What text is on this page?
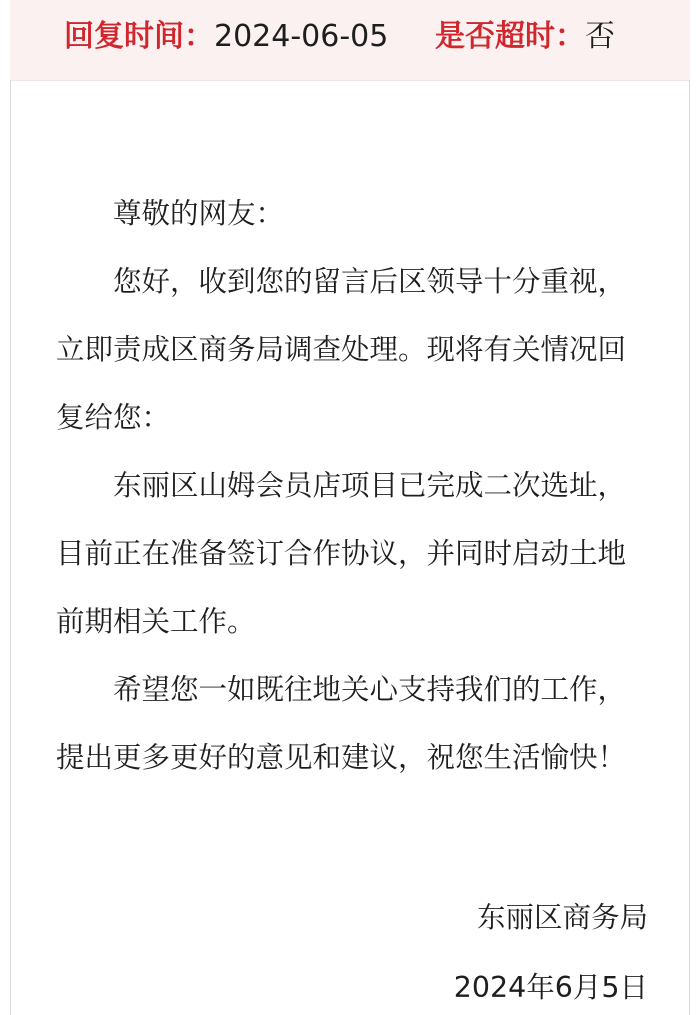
回复时间：2024-06-05 是否超时：否

尊敬的网友：

您好，收到您的留言后区领导十分重视，立即责成区商务局调查处理。现将有关情况回复给您：

东丽区山姆会员店项目已完成二次选址，目前正在准备签订合作协议，并同时启动土地前期相关工作。

希望您一如既往地关心支持我们的工作，提出更多更好的意见和建议，祝您生活愉快！

东丽区商务局
2024年6月5日
